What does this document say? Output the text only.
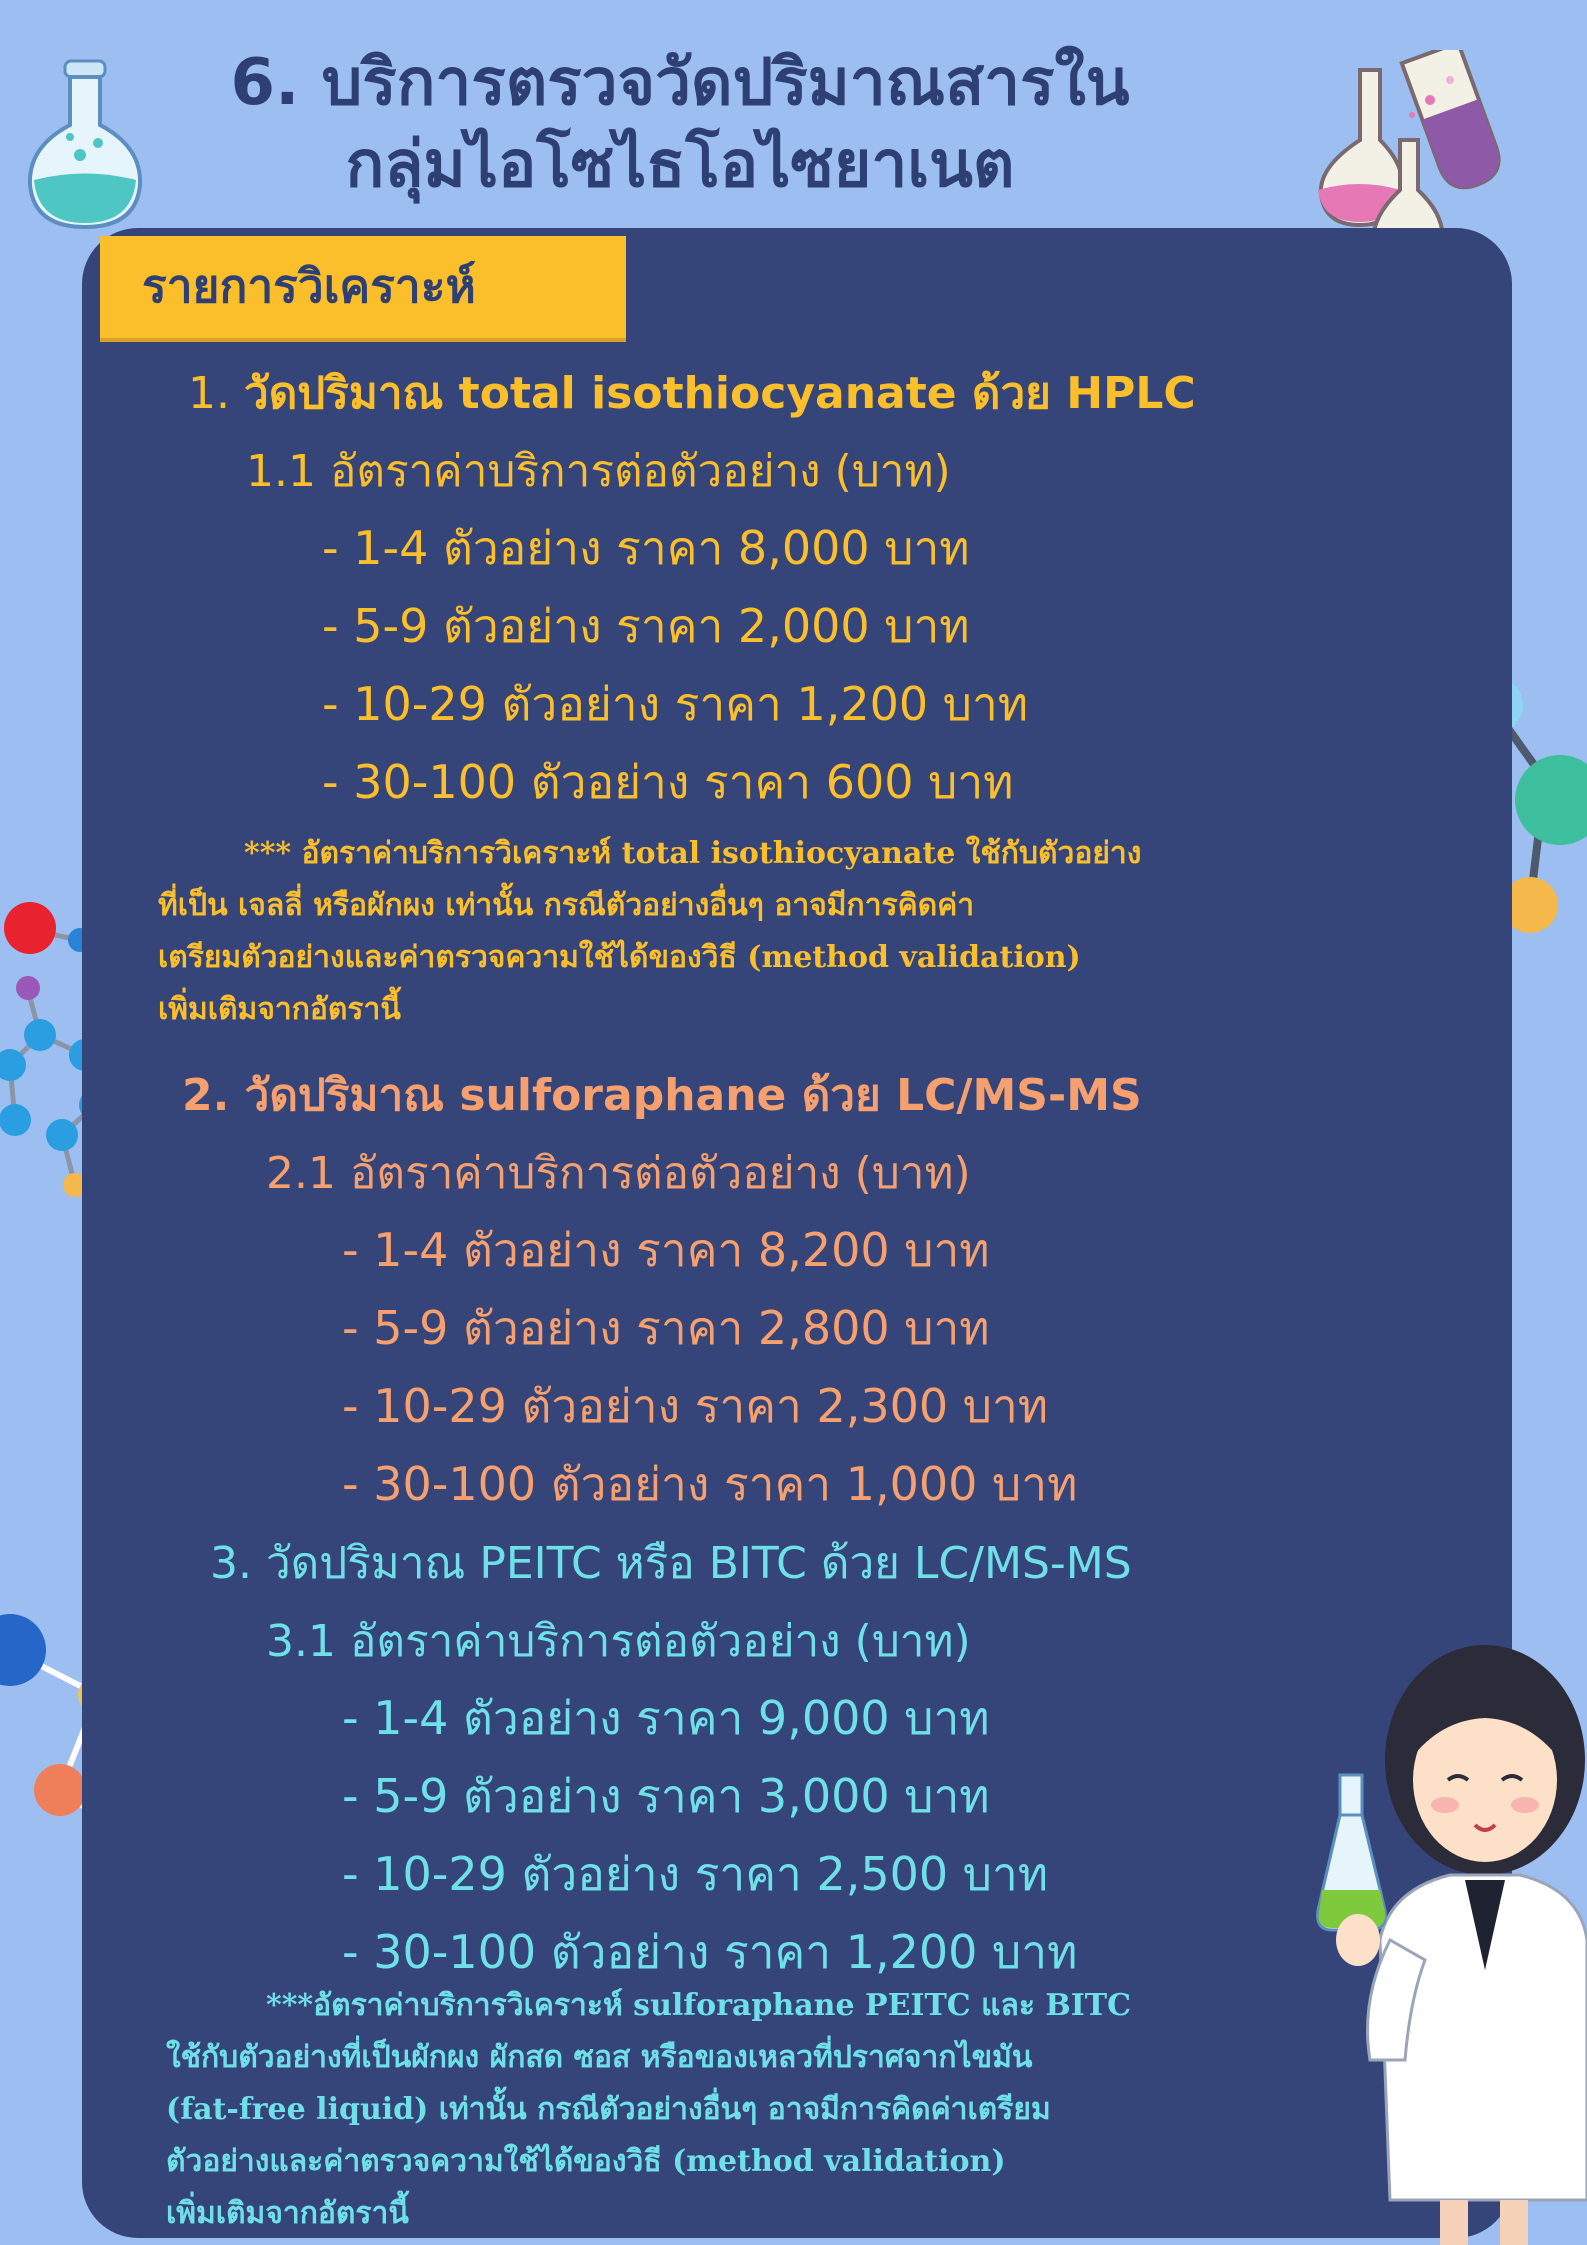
6. บริการตรวจวัดปริมาณสารใน
กลุ่มไอโซไธโอไซยาเนต
รายการวิเคราะห์
1. วัดปริมาณ total isothiocyanate ด้วย HPLC
1.1 อัตราค่าบริการต่อตัวอย่าง (บาท)
- 1-4 ตัวอย่าง ราคา 8,000 บาท
- 5-9 ตัวอย่าง ราคา 2,000 บาท
- 10-29 ตัวอย่าง ราคา 1,200 บาท
- 30-100 ตัวอย่าง ราคา 600 บาท
*** อัตราค่าบริการวิเคราะห์ total isothiocyanate ใช้กับตัวอย่าง
ที่เป็น เจลลี่ หรือผักผง เท่านั้น กรณีตัวอย่างอื่นๆ อาจมีการคิดค่า
เตรียมตัวอย่างและค่าตรวจความใช้ได้ของวิธี (method validation)
เพิ่มเติมจากอัตรานี้
2. วัดปริมาณ sulforaphane ด้วย LC/MS-MS
2.1 อัตราค่าบริการต่อตัวอย่าง (บาท)
- 1-4 ตัวอย่าง ราคา 8,200 บาท
- 5-9 ตัวอย่าง ราคา 2,800 บาท
- 10-29 ตัวอย่าง ราคา 2,300 บาท
- 30-100 ตัวอย่าง ราคา 1,000 บาท
3. วัดปริมาณ PEITC หรือ BITC ด้วย LC/MS-MS
3.1 อัตราค่าบริการต่อตัวอย่าง (บาท)
- 1-4 ตัวอย่าง ราคา 9,000 บาท
- 5-9 ตัวอย่าง ราคา 3,000 บาท
- 10-29 ตัวอย่าง ราคา 2,500 บาท
- 30-100 ตัวอย่าง ราคา 1,200 บาท
***อัตราค่าบริการวิเคราะห์ sulforaphane PEITC และ BITC
ใช้กับตัวอย่างที่เป็นผักผง ผักสด ซอส หรือของเหลวที่ปราศจากไขมัน
(fat-free liquid) เท่านั้น กรณีตัวอย่างอื่นๆ อาจมีการคิดค่าเตรียม
ตัวอย่างและค่าตรวจความใช้ได้ของวิธี (method validation)
เพิ่มเติมจากอัตรานี้
